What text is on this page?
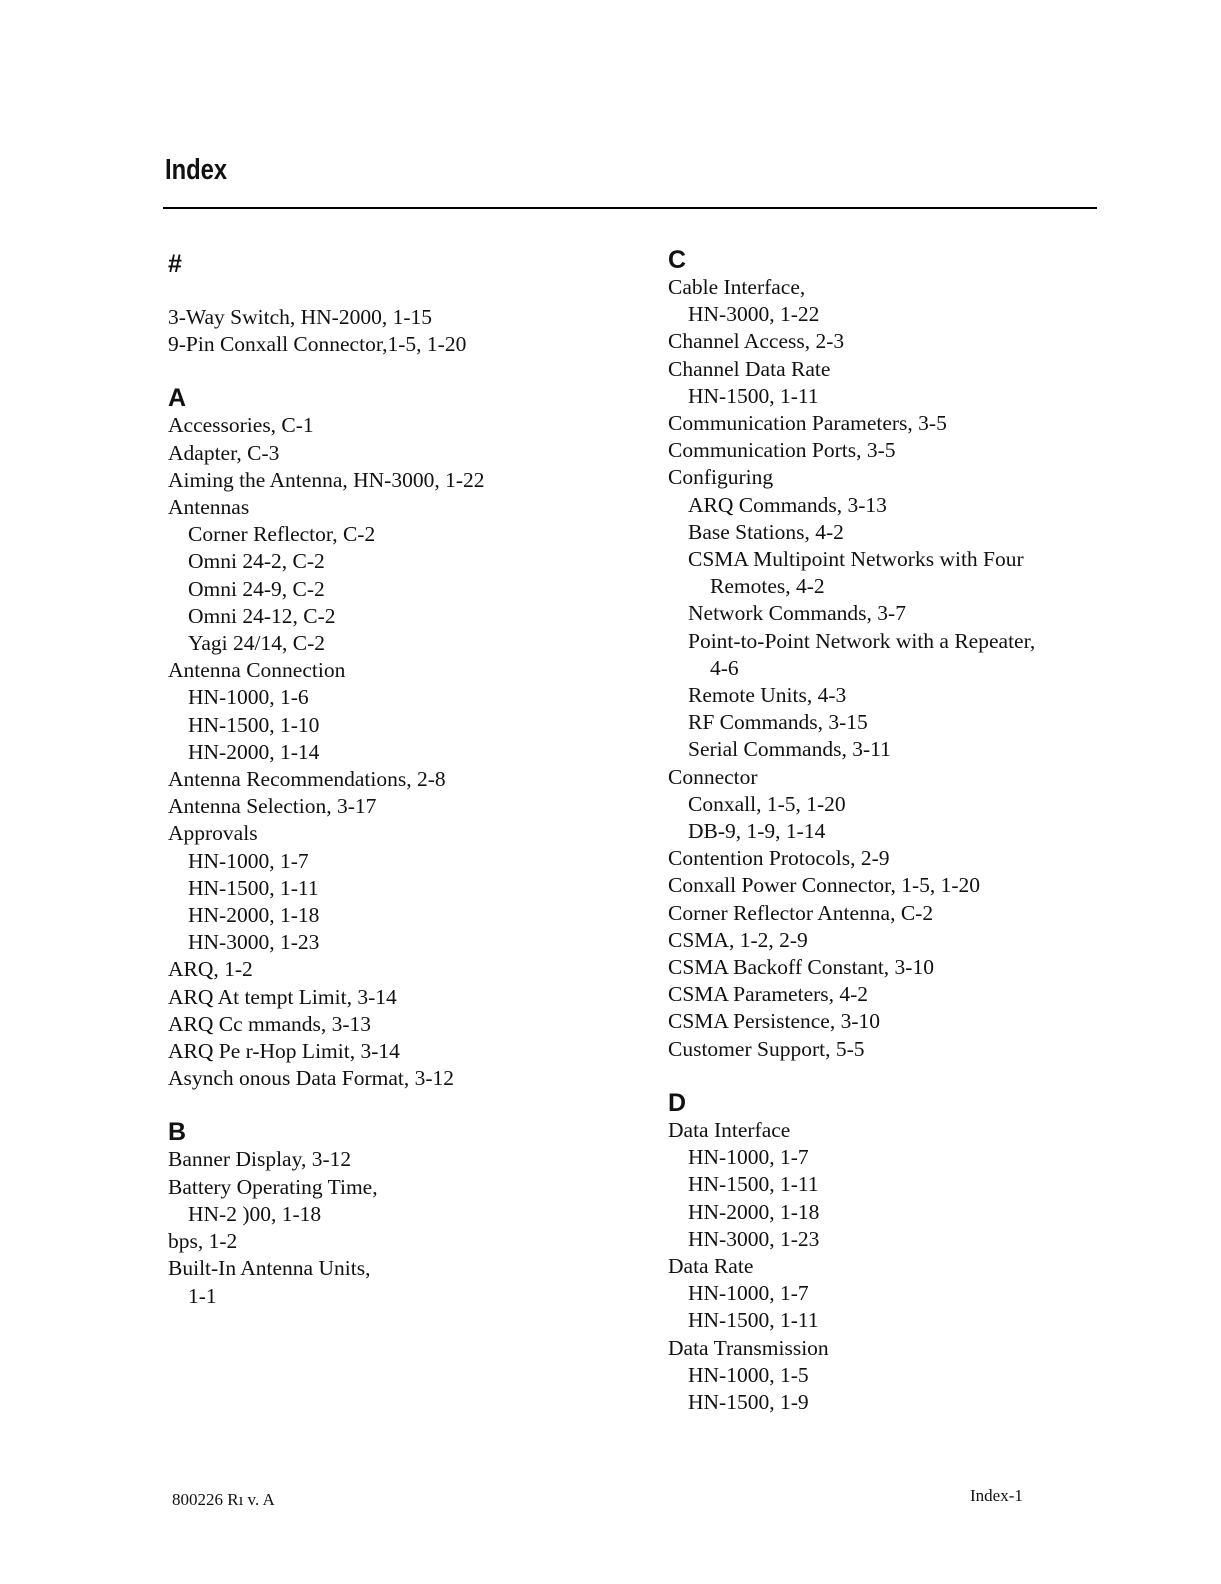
Index
#
3-Way Switch, HN-2000, 1-15
9-Pin Conxall Connector,1-5, 1-20
A
Accessories, C-1
Adapter, C-3
Aiming the Antenna, HN-3000, 1-22
Antennas
Corner Reflector, C-2
Omni 24-2, C-2
Omni 24-9, C-2
Omni 24-12, C-2
Yagi 24/14, C-2
Antenna Connection
HN-1000, 1-6
HN-1500, 1-10
HN-2000, 1-14
Antenna Recommendations, 2-8
Antenna Selection, 3-17
Approvals
HN-1000, 1-7
HN-1500, 1-11
HN-2000, 1-18
HN-3000, 1-23
ARQ, 1-2
ARQ At tempt Limit, 3-14
ARQ Cc mmands, 3-13
ARQ Pe r-Hop Limit, 3-14
Asynch onous Data Format, 3-12
B
Banner Display, 3-12
Battery Operating Time,
HN-2 )00, 1-18
bps, 1-2
Built-In Antenna Units,
1-1
C
Cable Interface,
HN-3000, 1-22
Channel Access, 2-3
Channel Data Rate
HN-1500, 1-11
Communication Parameters, 3-5
Communication Ports, 3-5
Configuring
ARQ Commands, 3-13
Base Stations, 4-2
CSMA Multipoint Networks with Four
Remotes, 4-2
Network Commands, 3-7
Point-to-Point Network with a Repeater,
4-6
Remote Units, 4-3
RF Commands, 3-15
Serial Commands, 3-11
Connector
Conxall, 1-5, 1-20
DB-9, 1-9, 1-14
Contention Protocols, 2-9
Conxall Power Connector, 1-5, 1-20
Corner Reflector Antenna, C-2
CSMA, 1-2, 2-9
CSMA Backoff Constant, 3-10
CSMA Parameters, 4-2
CSMA Persistence, 3-10
Customer Support, 5-5
D
Data Interface
HN-1000, 1-7
HN-1500, 1-11
HN-2000, 1-18
HN-3000, 1-23
Data Rate
HN-1000, 1-7
HN-1500, 1-11
Data Transmission
HN-1000, 1-5
HN-1500, 1-9
800226 Rı v. A	Index-1
